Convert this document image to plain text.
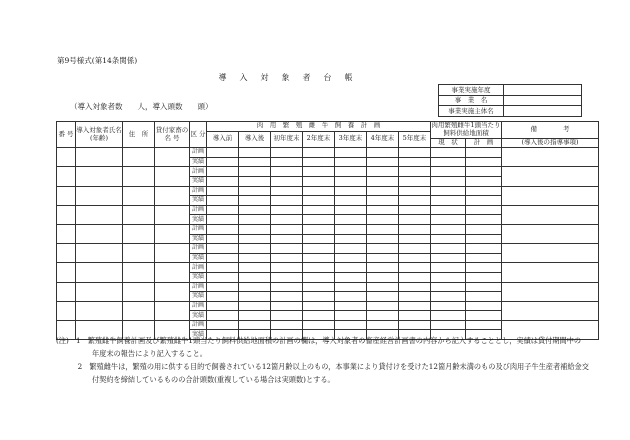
第9号様式(第14条関係)
導 入 対 象 者 台 帳
（導入対象者数　　人，導入頭数　　頭）
事業実施年度	
事　業　名	
事業実施主体名	
番 号	導入対象者氏名(年齢)	住　所	貸付家畜の 名 号	区 分	肉　用　繁　殖　雌　牛　飼　養　計　画							肉用繁殖雌牛1頭当たり飼料供給地面積		備　　　　考
					導入前	導入後	初年度末	2年度末	3年度末	4年度末	5年度末			
												現　状	計　画	(導入後の指導事項)
				計画										
				実績										
				計画										
				実績										
				計画										
				実績										
				計画										
				実績										
				計画										
				実績										
				計画										
				実績										
				計画										
				実績										
				計画										
				実績										
				計画										
				実績										
				計画										
				実績										
(注)　1　繁殖雌牛飼養計画及び繁殖雌牛1頭当たり飼料供給地面積の計画の欄は，導入対象者の畜産経営計画書の内容から記入することとし，実績は貸付期間中の
　　　　　年度末の報告により記入すること。
　　　2　繁殖雌牛は，繁殖の用に供する目的で飼養されている12箇月齢以上のもの，本事業により貸付けを受けた12箇月齢未満のもの及び肉用子牛生産者補給金交
　　　　　付契約を締結しているものの合計頭数(重複している場合は実頭数)とする。
